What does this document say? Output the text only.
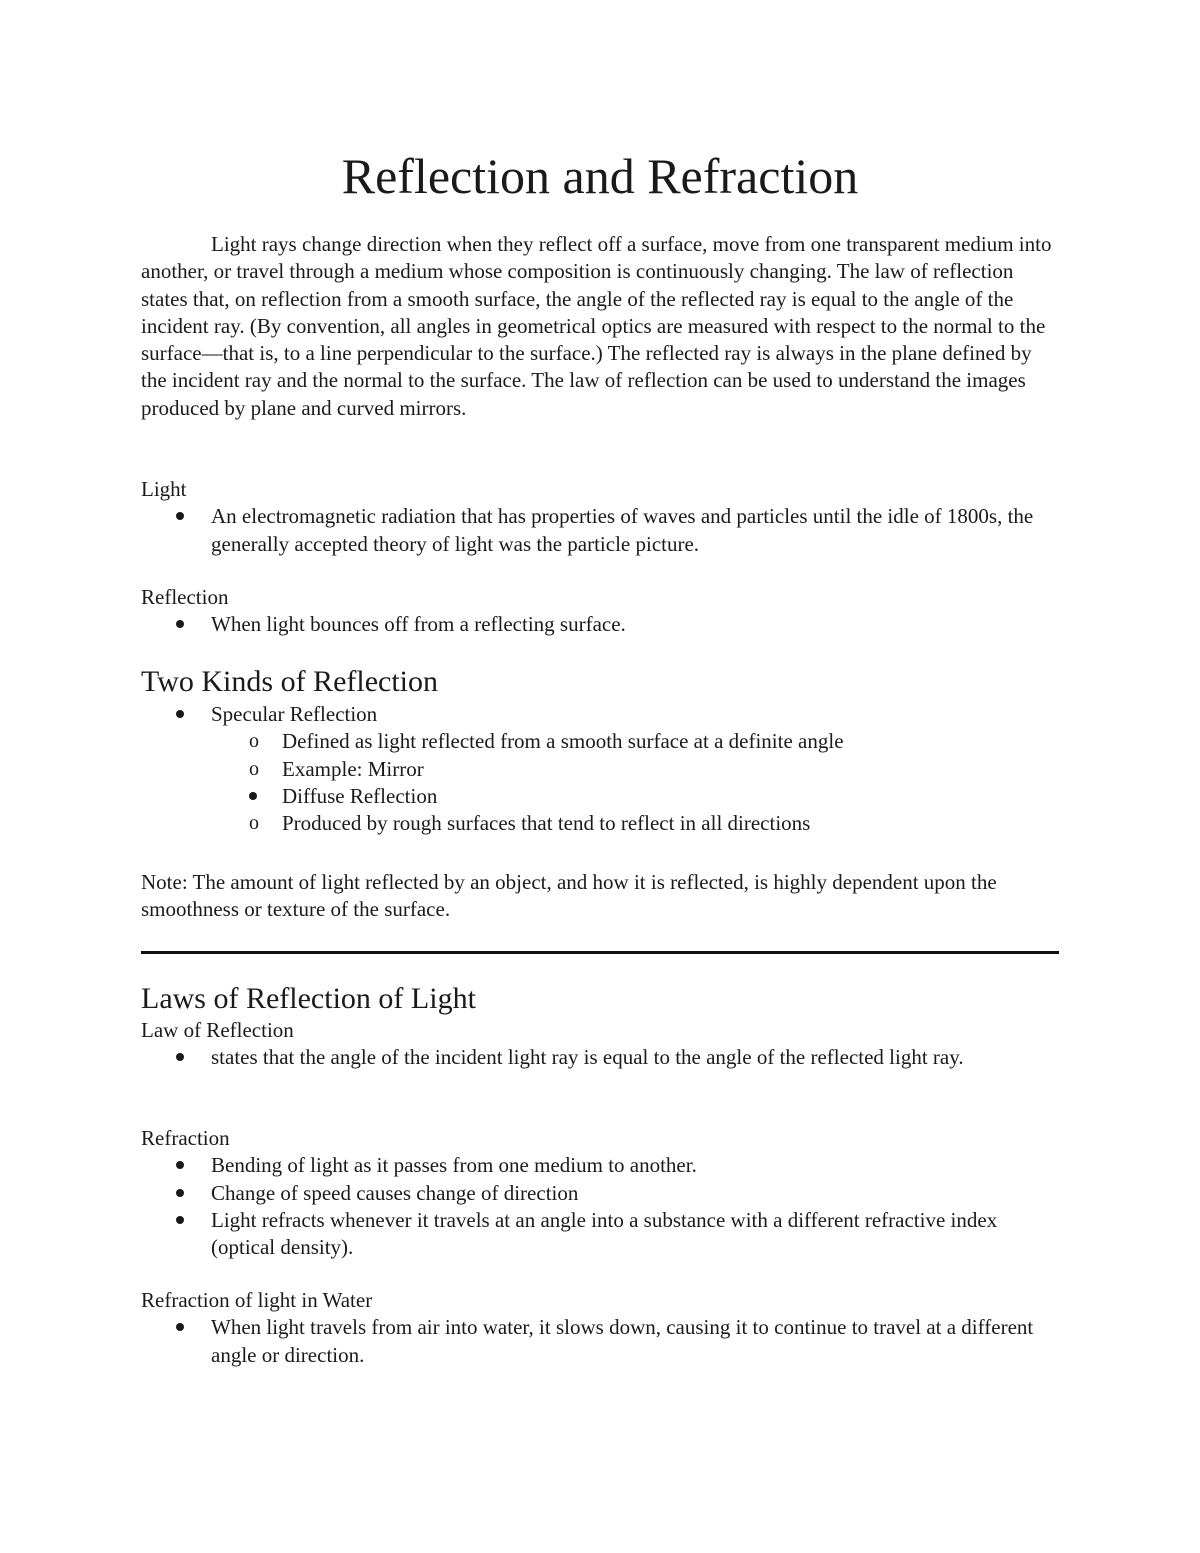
Reflection and Refraction

Light rays change direction when they reflect off a surface, move from one transparent medium into another, or travel through a medium whose composition is continuously changing. The law of reflection states that, on reflection from a smooth surface, the angle of the reflected ray is equal to the angle of the incident ray. (By convention, all angles in geometrical optics are measured with respect to the normal to the surface—that is, to a line perpendicular to the surface.) The reflected ray is always in the plane defined by the incident ray and the normal to the surface. The law of reflection can be used to understand the images produced by plane and curved mirrors.

Light

An electromagnetic radiation that has properties of waves and particles until the idle of 1800s, the generally accepted theory of light was the particle picture.

Reflection

When light bounces off from a reflecting surface.
Two Kinds of Reflection
Specular Reflection
o	Defined as light reflected from a smooth surface at a definite angle
o	Example: Mirror
Diffuse Reflection
o	Produced by rough surfaces that tend to reflect in all directions

Note: The amount of light reflected by an object, and how it is reflected, is highly dependent upon the smoothness or texture of the surface.

Laws of Reflection of Light

Law of Reflection

states that the angle of the incident light ray is equal to the angle of the reflected light ray.

Refraction

Bending of light as it passes from one medium to another.
Change of speed causes change of direction
Light refracts whenever it travels at an angle into a substance with a different refractive index (optical density).

Refraction of light in Water

When light travels from air into water, it slows down, causing it to continue to travel at a different angle or direction.
